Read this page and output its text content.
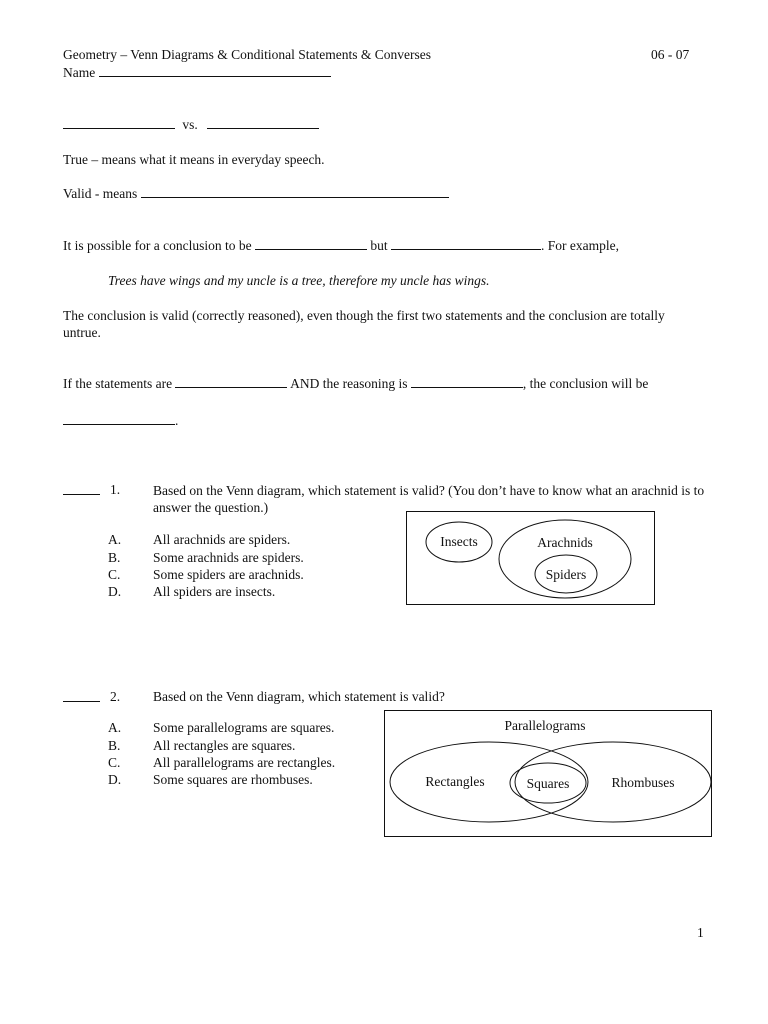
Geometry – Venn Diagrams & Conditional Statements & Converses	06 - 07
Name
vs.
True – means what it means in everyday speech.
Valid - means
It is possible for a conclusion to be	but	. For example,
Trees have wings and my uncle is a tree, therefore my uncle has wings.
The conclusion is valid (correctly reasoned), even though the first two statements and the conclusion are totally untrue.
If the statements are	AND the reasoning is	, the conclusion will be
.
1. Based on the Venn diagram, which statement is valid? (You don’t have to know what an arachnid is to answer the question.)
A. All arachnids are spiders.
B. Some arachnids are spiders.
C. Some spiders are arachnids.
D. All spiders are insects.
Insects	Arachnids
Spiders
2. Based on the Venn diagram, which statement is valid?
A. Some parallelograms are squares.
B. All rectangles are squares.
C. All parallelograms are rectangles.
D. Some squares are rhombuses.
Parallelograms
Rectangles	Squares	Rhombuses
1
